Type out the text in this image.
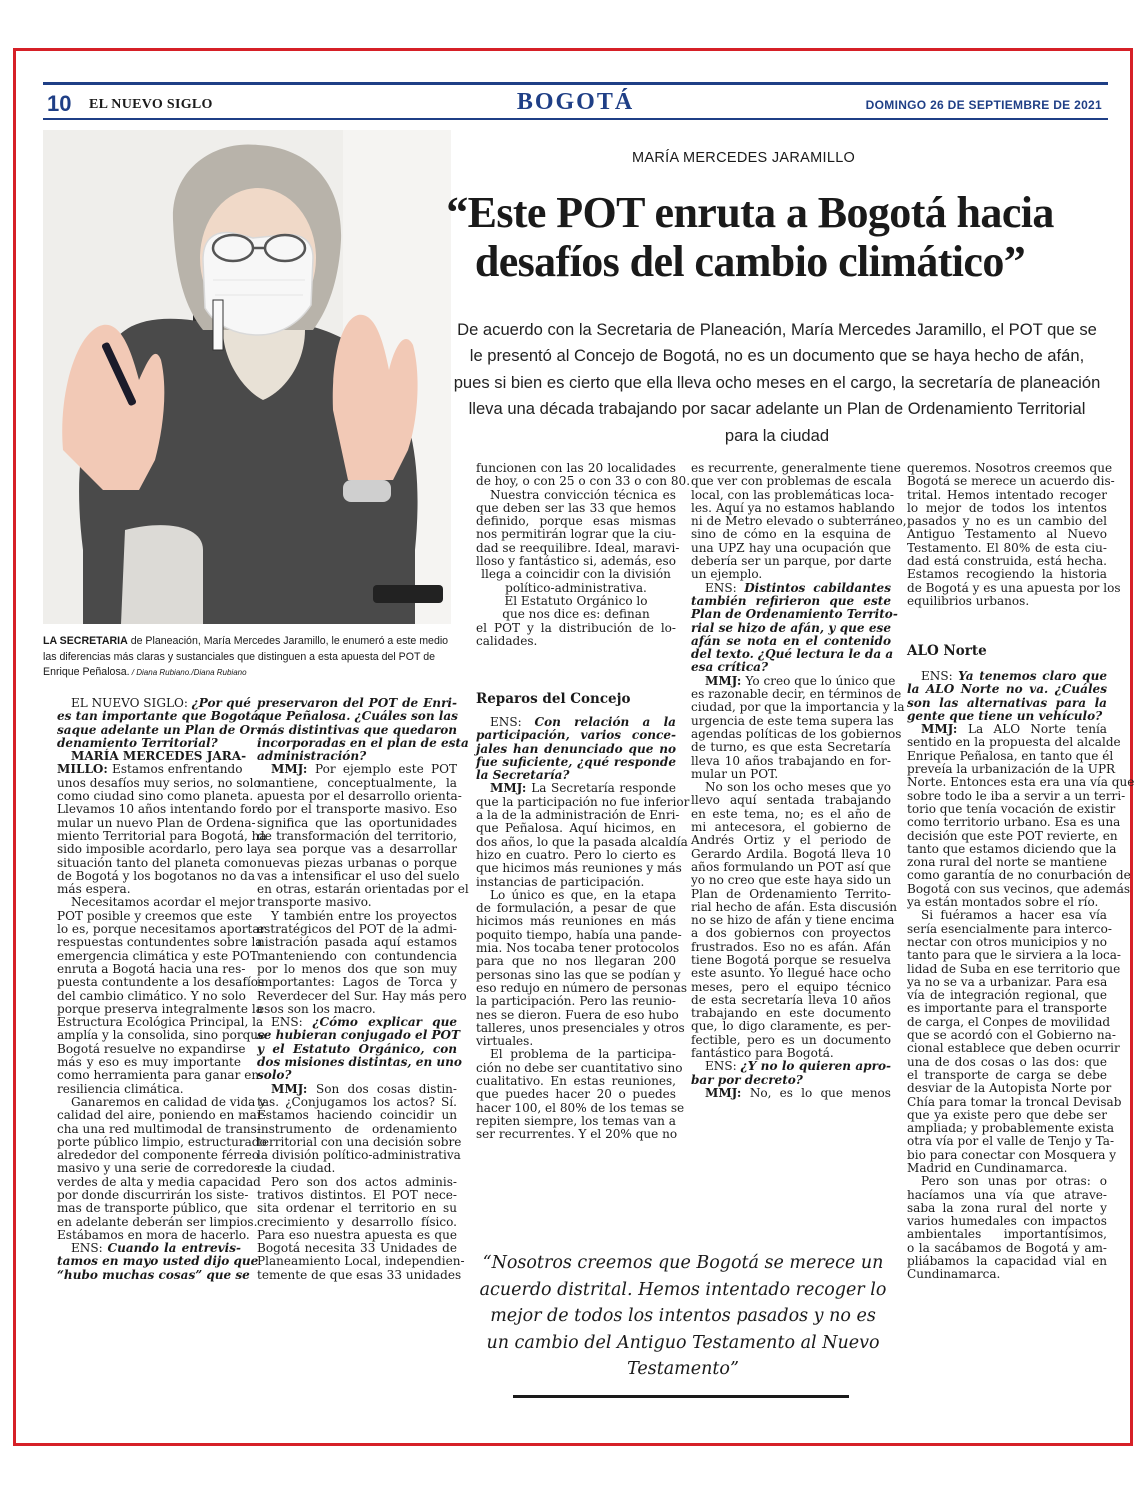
10 EL NUEVO SIGLO	BOGOTÁ	DOMINGO 26 DE SEPTIEMBRE DE 2021
LA SECRETARIA de Planeación, María Mercedes Jaramillo, le enumeró a este medio las diferencias más claras y sustanciales que distinguen a esta apuesta del POT de Enrique Peñalosa. / Diana Rubiano./Diana Rubiano
MARÍA MERCEDES JARAMILLO
“Este POT enruta a Bogotá hacia
desafíos del cambio climático”

De acuerdo con la Secretaria de Planeación, María Mercedes Jaramillo, el POT que se le presentó al Concejo de Bogotá, no es un documento que se haya hecho de afán, pues si bien es cierto que ella lleva ocho meses en el cargo, la secretaría de planeación lleva una década trabajando por sacar adelante un Plan de Ordenamiento Territorial para la ciudad

EL NUEVO SIGLO: ¿Por qué
es tan importante que Bogotá
saque adelante un Plan de Or-
denamiento Territorial?
MARÍA MERCEDES JARA-
MILLO: Estamos enfrentando
unos desafíos muy serios, no solo
como ciudad sino como planeta.
Llevamos 10 años intentando for-
mular un nuevo Plan de Ordena-
miento Territorial para Bogotá, ha
sido imposible acordarlo, pero la
situación tanto del planeta como
de Bogotá y los bogotanos no da
más espera.
Necesitamos acordar el mejor
POT posible y creemos que este
lo es, porque necesitamos aportar
respuestas contundentes sobre la
emergencia climática y este POT
enruta a Bogotá hacia una res-
puesta contundente a los desafíos
del cambio climático. Y no solo
porque preserva integralmente la
Estructura Ecológica Principal, la
amplía y la consolida, sino porque
Bogotá resuelve no expandirse
más y eso es muy importante
como herramienta para ganar en
resiliencia climática.
Ganaremos en calidad de vida y
calidad del aire, poniendo en mar-
cha una red multimodal de trans-
porte público limpio, estructurado
alrededor del componente férreo
masivo y una serie de corredores
verdes de alta y media capacidad
por donde discurrirán los siste-
mas de transporte público, que
en adelante deberán ser limpios.
Estábamos en mora de hacerlo.
ENS: Cuando la entrevis-
tamos en mayo usted dijo que
“hubo muchas cosas” que se
preservaron del POT de Enri-
que Peñalosa. ¿Cuáles son las
más distintivas que quedaron
incorporadas en el plan de esta
administración?
MMJ: Por ejemplo este POT
mantiene, conceptualmente, la
apuesta por el desarrollo orienta-
do por el transporte masivo. Eso
significa que las oportunidades
de transformación del territorio,
ya sea porque vas a desarrollar
nuevas piezas urbanas o porque
vas a intensificar el uso del suelo
en otras, estarán orientadas por el
transporte masivo.
Y también entre los proyectos
estratégicos del POT de la admi-
nistración pasada aquí estamos
manteniendo con contundencia
por lo menos dos que son muy
importantes: Lagos de Torca y
Reverdecer del Sur. Hay más pero
esos son los macro.
ENS: ¿Cómo explicar que
se hubieran conjugado el POT
y el Estatuto Orgánico, con
dos misiones distintas, en uno
solo?
MMJ: Son dos cosas distin-
tas. ¿Conjugamos los actos? Sí.
Estamos haciendo coincidir un
instrumento de ordenamiento
territorial con una decisión sobre
la división político-administrativa
de la ciudad.
Pero son dos actos adminis-
trativos distintos. El POT nece-
sita ordenar el territorio en su
crecimiento y desarrollo físico.
Para eso nuestra apuesta es que
Bogotá necesita 33 Unidades de
Planeamiento Local, independien-
temente de que esas 33 unidades
funcionen con las 20 localidades
de hoy, o con 25 o con 33 o con 80.
Nuestra convicción técnica es
que deben ser las 33 que hemos
definido, porque esas mismas
nos permitirán lograr que la ciu-
dad se reequilibre. Ideal, maravi-
lloso y fantástico si, además, eso
llega a coincidir con la división
político-administrativa.
El Estatuto Orgánico lo
que nos dice es: definan
el POT y la distribución de lo-
calidades.
Reparos del Concejo
ENS: Con relación a la
participación, varios conce-
jales han denunciado que no
fue suficiente, ¿qué responde
la Secretaría?
MMJ: La Secretaría responde
que la participación no fue inferior
a la de la administración de Enri-
que Peñalosa. Aquí hicimos, en
dos años, lo que la pasada alcaldía
hizo en cuatro. Pero lo cierto es
que hicimos más reuniones y más
instancias de participación.
Lo único es que, en la etapa
de formulación, a pesar de que
hicimos más reuniones en más
poquito tiempo, había una pande-
mia. Nos tocaba tener protocolos
para que no nos llegaran 200
personas sino las que se podían y
eso redujo en número de personas
la participación. Pero las reunio-
nes se dieron. Fuera de eso hubo
talleres, unos presenciales y otros
virtuales.
El problema de la participa-
ción no debe ser cuantitativo sino
cualitativo. En estas reuniones,
que puedes hacer 20 o puedes
hacer 100, el 80% de los temas se
repiten siempre, los temas van a
ser recurrentes. Y el 20% que no
es recurrente, generalmente tiene
que ver con problemas de escala
local, con las problemáticas loca-
les. Aquí ya no estamos hablando
ni de Metro elevado o subterráneo,
sino de cómo en la esquina de
una UPZ hay una ocupación que
debería ser un parque, por darte
un ejemplo.
ENS: Distintos cabildantes
también refirieron que este
Plan de Ordenamiento Territo-
rial se hizo de afán, y que ese
afán se nota en el contenido
del texto. ¿Qué lectura le da a
esa crítica?
MMJ: Yo creo que lo único que
es razonable decir, en términos de
ciudad, por que la importancia y la
urgencia de este tema supera las
agendas políticas de los gobiernos
de turno, es que esta Secretaría
lleva 10 años trabajando en for-
mular un POT.
No son los ocho meses que yo
llevo aquí sentada trabajando
en este tema, no; es el año de
mi antecesora, el gobierno de
Andrés Ortiz y el periodo de
Gerardo Ardila. Bogotá lleva 10
años formulando un POT así que
yo no creo que este haya sido un
Plan de Ordenamiento Territo-
rial hecho de afán. Esta discusión
no se hizo de afán y tiene encima
a dos gobiernos con proyectos
frustrados. Eso no es afán. Afán
tiene Bogotá porque se resuelva
este asunto. Yo llegué hace ocho
meses, pero el equipo técnico
de esta secretaría lleva 10 años
trabajando en este documento
que, lo digo claramente, es per-
fectible, pero es un documento
fantástico para Bogotá.
ENS: ¿Y no lo quieren apro-
bar por decreto?
MMJ: No, es lo que menos
queremos. Nosotros creemos que
Bogotá se merece un acuerdo dis-
trital. Hemos intentado recoger
lo mejor de todos los intentos
pasados y no es un cambio del
Antiguo Testamento al Nuevo
Testamento. El 80% de esta ciu-
dad está construida, está hecha.
Estamos recogiendo la historia
de Bogotá y es una apuesta por los
equilibrios urbanos.
ALO Norte
ENS: Ya tenemos claro que
la ALO Norte no va. ¿Cuáles
son las alternativas para la
gente que tiene un vehículo?
MMJ: La ALO Norte tenía
sentido en la propuesta del alcalde
Enrique Peñalosa, en tanto que él
preveía la urbanización de la UPR
Norte. Entonces esta era una vía que
sobre todo le iba a servir a un terri-
torio que tenía vocación de existir
como territorio urbano. Esa es una
decisión que este POT revierte, en
tanto que estamos diciendo que la
zona rural del norte se mantiene
como garantía de no conurbación de
Bogotá con sus vecinos, que además
ya están montados sobre el río.
Si fuéramos a hacer esa vía
sería esencialmente para interco-
nectar con otros municipios y no
tanto para que le sirviera a la loca-
lidad de Suba en ese territorio que
ya no se va a urbanizar. Para esa
vía de integración regional, que
es importante para el transporte
de carga, el Conpes de movilidad
que se acordó con el Gobierno na-
cional establece que deben ocurrir
una de dos cosas o las dos: que
el transporte de carga se debe
desviar de la Autopista Norte por
Chía para tomar la troncal Devisab
que ya existe pero que debe ser
ampliada; y probablemente exista
otra vía por el valle de Tenjo y Ta-
bio para conectar con Mosquera y
Madrid en Cundinamarca.
Pero son unas por otras: o
hacíamos una vía que atrave-
saba la zona rural del norte y
varios humedales con impactos
ambientales importantísimos,
o la sacábamos de Bogotá y am-
pliábamos la capacidad vial en
Cundinamarca.
“Nosotros creemos que Bogotá se merece un acuerdo distrital. Hemos intentado recoger lo mejor de todos los intentos pasados y no es un cambio del Antiguo Testamento al Nuevo Testamento”
